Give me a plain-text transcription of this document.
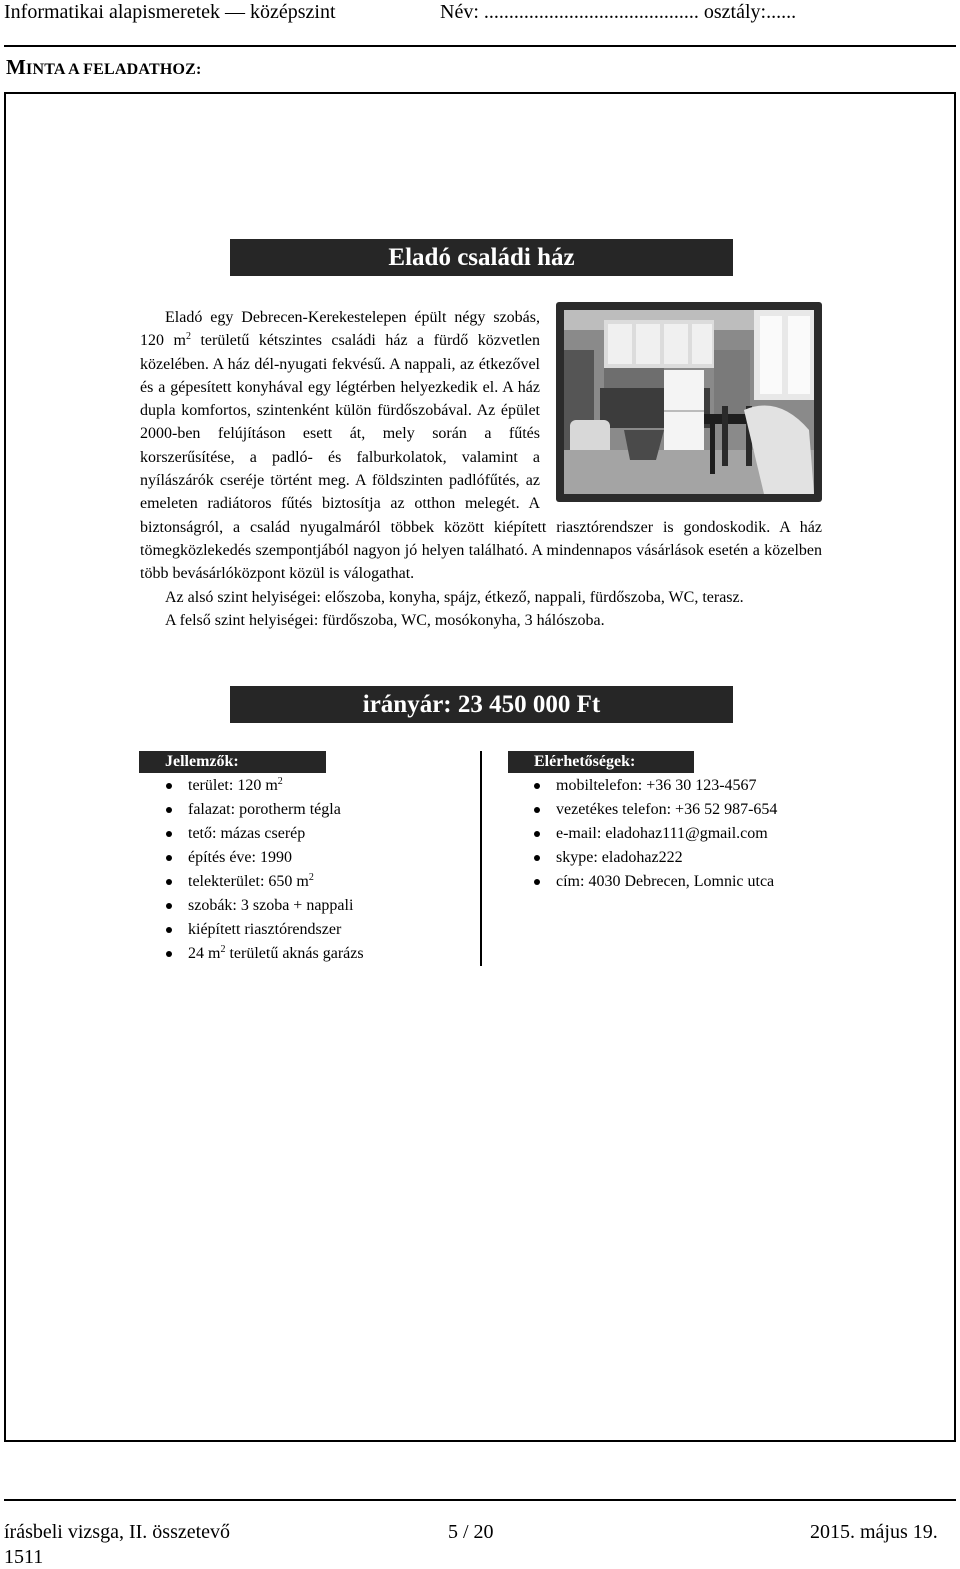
Informatikai alapismeretek — középszint	Név: ........................................... osztály:......
MINTA A FELADATHOZ:
Eladó családi ház

Eladó egy Debrecen-Kerekestelepen épült négy szobás, 120 $m^2$ területű kétszintes családi ház a fürdő közvetlen közelében. A ház dél-nyugati fekvésű. A nappali, az étkezővel és a gépesített konyhával egy légtérben helyezkedik el. A ház dupla komfortos, szintenként külön fürdőszobával. Az épület 2000-ben felújításon esett át, mely során a fűtés korszerűsítése, a padló- és falburkolatok, valamint a nyílászárók cseréje történt meg. A földszinten padlófűtés, az emeleten radiátoros fűtés biztosítja az otthon melegét. A biztonságról, a család nyugalmáról többek között kiépített riasztórendszer is gondoskodik. A ház tömegközlekedés szempontjából nagyon jó helyen található. A mindennapos vásárlások esetén a közelben több bevásárlóközpont közül is válogathat.

Az alsó szint helyiségei: előszoba, konyha, spájz, étkező, nappali, fürdőszoba, WC, terasz.

A felső szint helyiségei: fürdőszoba, WC, mosókonyha, 3 hálószoba.

irányár: 23 450 000 Ft
Jellemzők:
terület: 120 $m^2$
falazat: porotherm tégla
tető: mázas cserép
építés éve: 1990
telekterület: 650 $m^2$
szobák: 3 szoba + nappali
kiépített riasztórendszer
24 $m^2$ területű aknás garázs
Elérhetőségek:
mobiltelefon: +36 30 123-4567
vezetékes telefon: +36 52 987-654
e-mail: eladohaz111@gmail.com
skype: eladohaz222
cím: 4030 Debrecen, Lomnic utca
írásbeli vizsga, II. összetevő	5 / 20	2015. május 19.
1511
